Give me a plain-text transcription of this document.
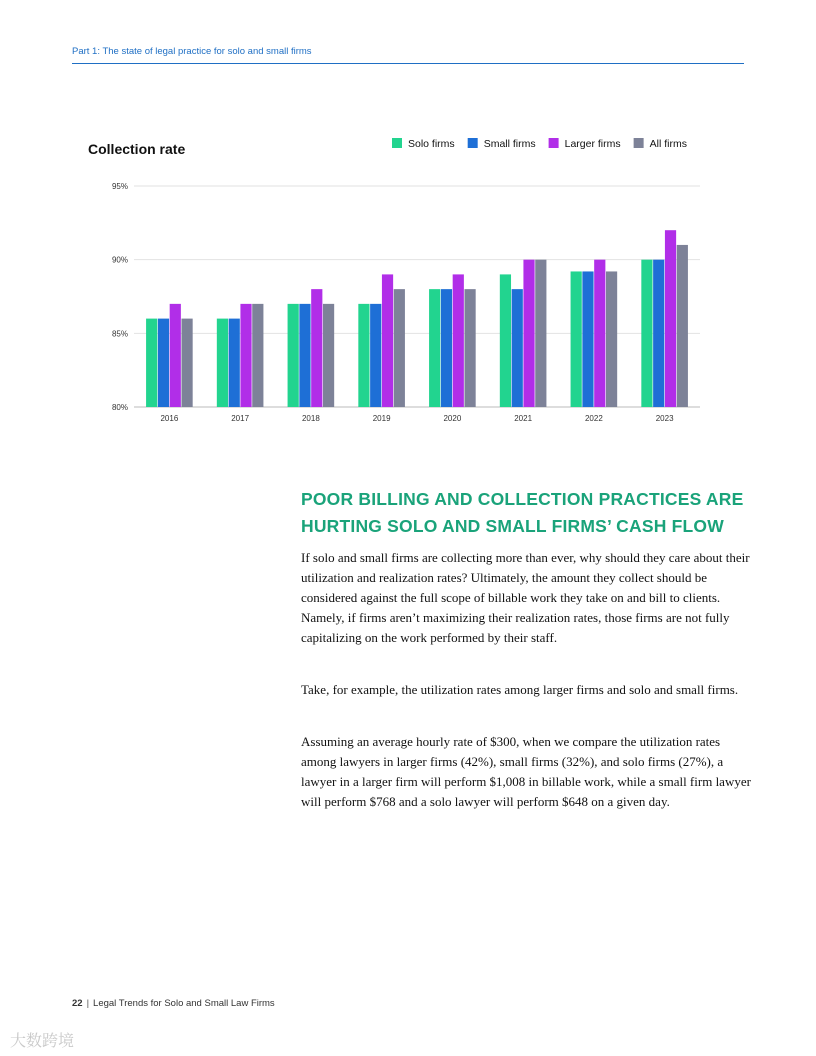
Part 1: The state of legal practice for solo and small firms
Collection rate	Solo firms	Small firms	Larger firms	All firms
80%
85%
90%
95%
2016	2017	2018	2019	2020	2021	2022	2023
POOR BILLING AND COLLECTION PRACTICES ARE
HURTING SOLO AND SMALL FIRMS’ CASH FLOW

If solo and small firms are collecting more than ever, why should they care about their utilization and realization rates? Ultimately, the amount they collect should be considered against the full scope of billable work they take on and bill to clients. Namely, if firms aren’t maximizing their realization rates, those firms are not fully capitalizing on the work performed by their staff.

Take, for example, the utilization rates among larger firms and solo and small firms.

Assuming an average hourly rate of $300, when we compare the utilization rates among lawyers in larger firms (42%), small firms (32%), and solo firms (27%), a lawyer in a larger firm will perform $1,008 in billable work, while a small firm lawyer will perform $768 and a solo lawyer will perform $648 on a given day.

22 | Legal Trends for Solo and Small Law Firms
大数跨境
